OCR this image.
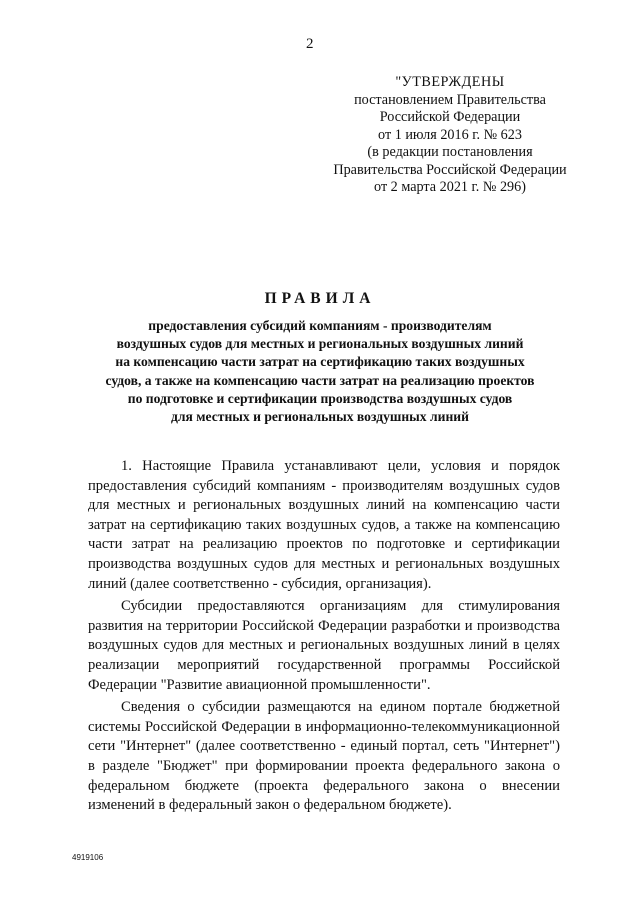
2
"УТВЕРЖДЕНЫ
постановлением Правительства
Российской Федерации
от 1 июля 2016 г. № 623
(в редакции постановления
Правительства Российской Федерации
от 2 марта 2021 г. № 296)
ПРАВИЛА
предоставления субсидий компаниям - производителям
воздушных судов для местных и региональных воздушных линий
на компенсацию части затрат на сертификацию таких воздушных
судов, а также на компенсацию части затрат на реализацию проектов
по подготовке и сертификации производства воздушных судов
для местных и региональных воздушных линий

1. Настоящие Правила устанавливают цели, условия и порядок
предоставления субсидий компаниям - производителям воздушных судов
для местных и региональных воздушных линий на компенсацию части
затрат на сертификацию таких воздушных судов, а также на компенсацию
части затрат на реализацию проектов по подготовке и сертификации
производства воздушных судов для местных и региональных воздушных
линий (далее соответственно - субсидия, организация).

Субсидии предоставляются организациям для стимулирования
развития на территории Российской Федерации разработки и производства
воздушных судов для местных и региональных воздушных линий в целях
реализации мероприятий государственной программы Российской
Федерации "Развитие авиационной промышленности".

Сведения о субсидии размещаются на едином портале бюджетной
системы Российской Федерации в информационно-телекоммуникационной
сети "Интернет" (далее соответственно - единый портал, сеть "Интернет")
в разделе "Бюджет" при формировании проекта федерального закона о
федеральном бюджете (проекта федерального закона о внесении
изменений в федеральный закон о федеральном бюджете).

4919106
